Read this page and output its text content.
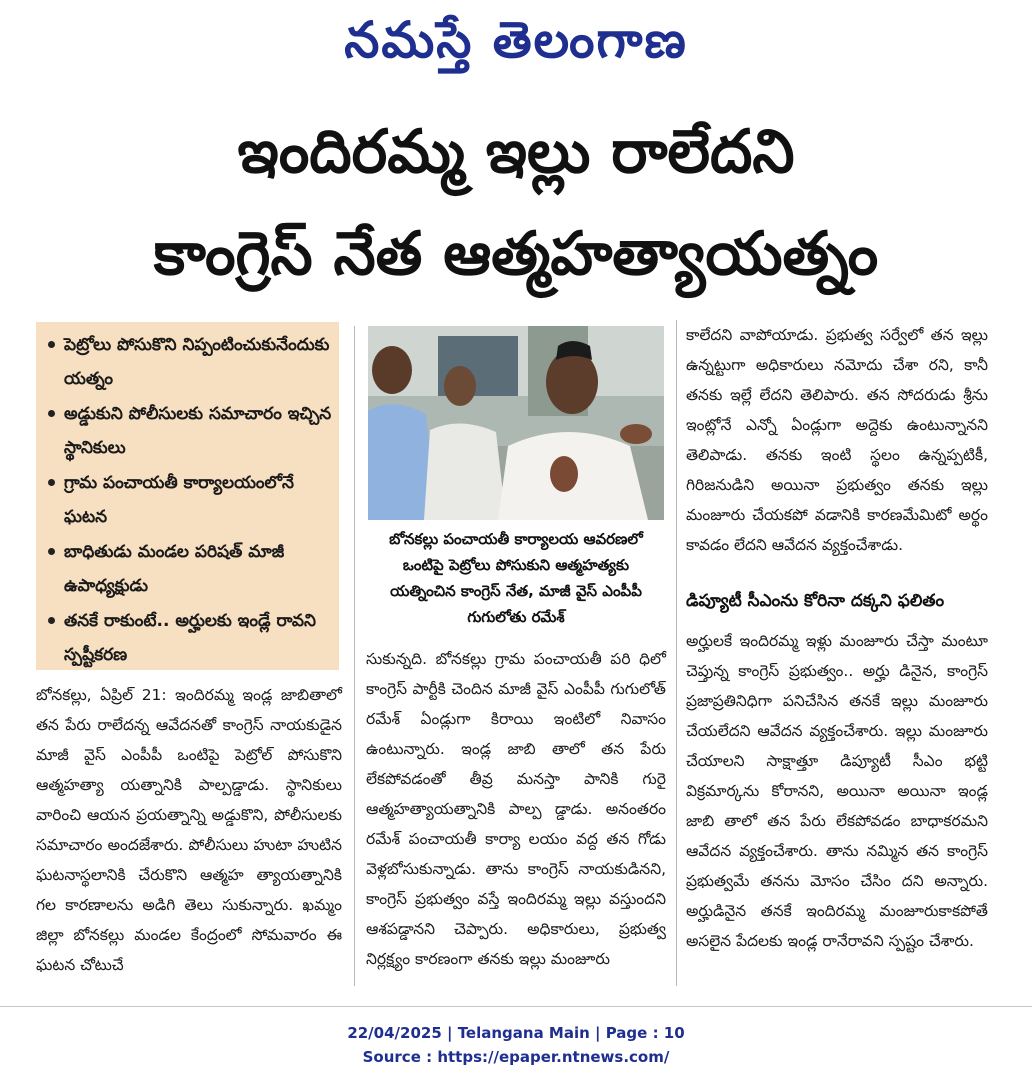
నమస్తే తెలంగాణ
ఇందిరమ్మ ఇల్లు రాలేదని
కాంగ్రెస్ నేత ఆత్మహత్యాయత్నం
పెట్రోలు పోసుకొని నిప్పంటించుకునేందుకు యత్నం
అడ్డుకుని పోలీసులకు సమాచారం ఇచ్చిన స్థానికులు
గ్రామ పంచాయతీ కార్యాలయంలోనే ఘటన
బాధితుడు మండల పరిషత్ మాజీ ఉపాధ్యక్షుడు
తనకే రాకుంటే.. అర్హులకు ఇండ్లే రావని స్పష్టీకరణ
బోనకల్లు పంచాయతీ కార్యాలయ ఆవరణలో ఒంటిపై పెట్రోలు పోసుకుని ఆత్మహత్యకు యత్నించిన కాంగ్రెస్ నేత, మాజీ వైస్ ఎంపీపీ గుగులోతు రమేశ్
బోనకల్లు, ఏప్రిల్ 21: ఇందిరమ్మ ఇండ్ల జాబితాలో తన పేరు రాలేదన్న ఆవేదనతో కాంగ్రెస్ నాయకుడైన మాజీ వైస్ ఎంపీపీ ఒంటిపై పెట్రోల్ పోసుకొని ఆత్మహత్యా యత్నానికి పాల్పడ్డాడు. స్థానికులు వారించి ఆయన ప్రయత్నాన్ని అడ్డుకొని, పోలీసులకు సమాచారం అందజేశారు. పోలీసులు హుటా హుటిన ఘటనాస్థలానికి చేరుకొని ఆత్మహ త్యాయత్నానికి గల కారణాలను అడిగి తెలు సుకున్నారు. ఖమ్మం జిల్లా బోనకల్లు మండల కేంద్రంలో సోమవారం ఈ ఘటన చోటుచే
సుకున్నది. బోనకల్లు గ్రామ పంచాయతీ పరి ధిలో కాంగ్రెస్ పార్టీకి చెందిన మాజీ వైస్ ఎంపీపీ గుగులోత్ రమేశ్ ఏండ్లుగా కిరాయి ఇంటిలో నివాసం ఉంటున్నారు. ఇండ్ల జాబి తాలో తన పేరు లేకపోవడంతో తీవ్ర మనస్తా పానికి గురై ఆత్మహత్యాయత్నానికి పాల్ప డ్డాడు. అనంతరం రమేశ్ పంచాయతీ కార్యా లయం వద్ద తన గోడు వెళ్లబోసుకున్నాడు. తాను కాంగ్రెస్ నాయకుడినని, కాంగ్రెస్ ప్రభుత్వం వస్తే ఇందిరమ్మ ఇల్లు వస్తుందని ఆశపడ్డానని చెప్పారు. అధికారులు, ప్రభుత్వ నిర్లక్ష్యం కారణంగా తనకు ఇల్లు మంజూరు
కాలేదని వాపోయాడు. ప్రభుత్వ సర్వేలో తన ఇల్లు ఉన్నట్టుగా అధికారులు నమోదు చేశా రని, కానీ తనకు ఇల్లే లేదని తెలిపారు. తన సోదరుడు శ్రీను ఇంట్లోనే ఎన్నో ఏండ్లుగా అద్దెకు ఉంటున్నానని తెలిపాడు. తనకు ఇంటి స్థలం ఉన్నప్పటికీ, గిరిజనుడిని అయినా ప్రభుత్వం తనకు ఇల్లు మంజూరు చేయకపో వడానికి కారణమేమిటో అర్థం కావడం లేదని ఆవేదన వ్యక్తంచేశాడు.
డిప్యూటీ సీఎంను కోరినా దక్కని ఫలితం
అర్హులకే ఇందిరమ్మ ఇళ్లు మంజూరు చేస్తా మంటూ చెప్తున్న కాంగ్రెస్ ప్రభుత్వం.. అర్హు డినైన, కాంగ్రెస్ ప్రజాప్రతినిధిగా పనిచేసిన తనకే ఇల్లు మంజూరు చేయలేదని ఆవేదన వ్యక్తంచేశారు. ఇల్లు మంజూరు చేయాలని సాక్షాత్తూ డిప్యూటీ సీఎం భట్టి విక్రమార్కను కోరానని, అయినా అయినా ఇండ్ల జాబి తాలో తన పేరు లేకపోవడం బాధాకరమని ఆవేదన వ్యక్తంచేశారు. తాను నమ్మిన తన కాంగ్రెస్ ప్రభుత్వమే తనను మోసం చేసిం దని అన్నారు. అర్హుడినైన తనకే ఇందిరమ్మ మంజూరుకాకపోతే అసలైన పేదలకు ఇండ్ల రానేరావని స్పష్టం చేశారు.
22/04/2025 | Telangana Main | Page : 10
Source : https://epaper.ntnews.com/
